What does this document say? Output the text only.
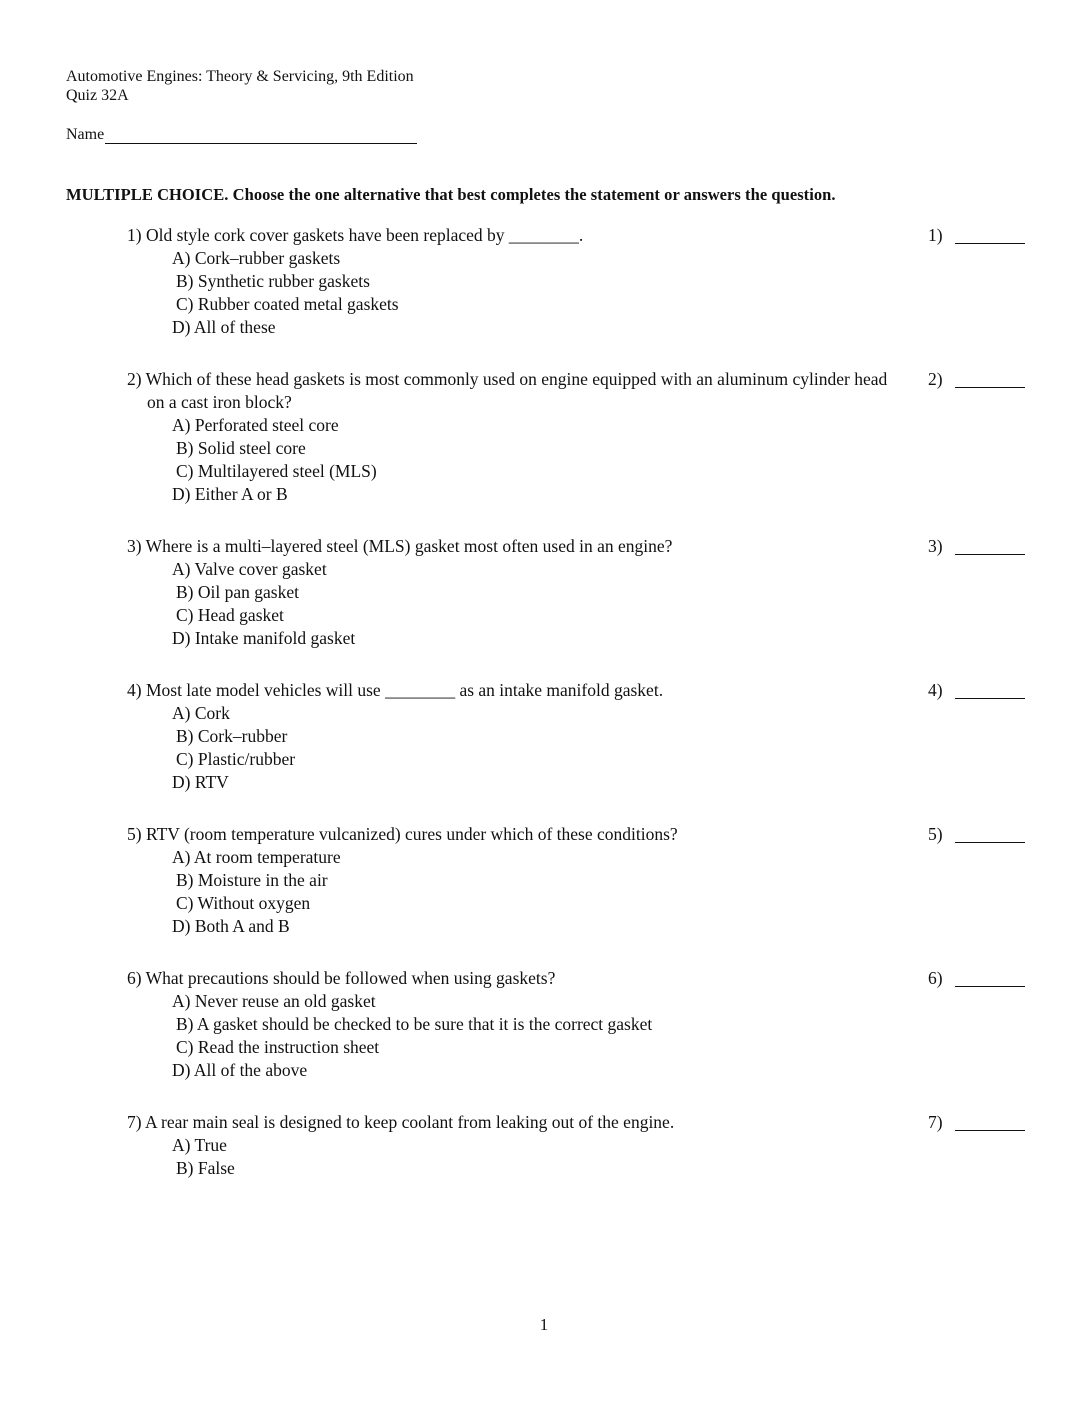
Automotive Engines: Theory & Servicing, 9th Edition
Quiz 32A
Name
MULTIPLE CHOICE. Choose the one alternative that best completes the statement or answers the question.
1) Old style cork cover gaskets have been replaced by ________.
A) Cork–rubber gaskets
B) Synthetic rubber gaskets
C) Rubber coated metal gaskets
D) All of these
1)
2) Which of these head gaskets is most commonly used on engine equipped with an aluminum cylinder head on a cast iron block?
A) Perforated steel core
B) Solid steel core
C) Multilayered steel (MLS)
D) Either A or B
2)
3) Where is a multi–layered steel (MLS) gasket most often used in an engine?
A) Valve cover gasket
B) Oil pan gasket
C) Head gasket
D) Intake manifold gasket
3)
4) Most late model vehicles will use ________ as an intake manifold gasket.
A) Cork
B) Cork–rubber
C) Plastic/rubber
D) RTV
4)
5) RTV (room temperature vulcanized) cures under which of these conditions?
A) At room temperature
B) Moisture in the air
C) Without oxygen
D) Both A and B
5)
6) What precautions should be followed when using gaskets?
A) Never reuse an old gasket
B) A gasket should be checked to be sure that it is the correct gasket
C) Read the instruction sheet
D) All of the above
6)
7) A rear main seal is designed to keep coolant from leaking out of the engine.
A) True
B) False
7)
1
